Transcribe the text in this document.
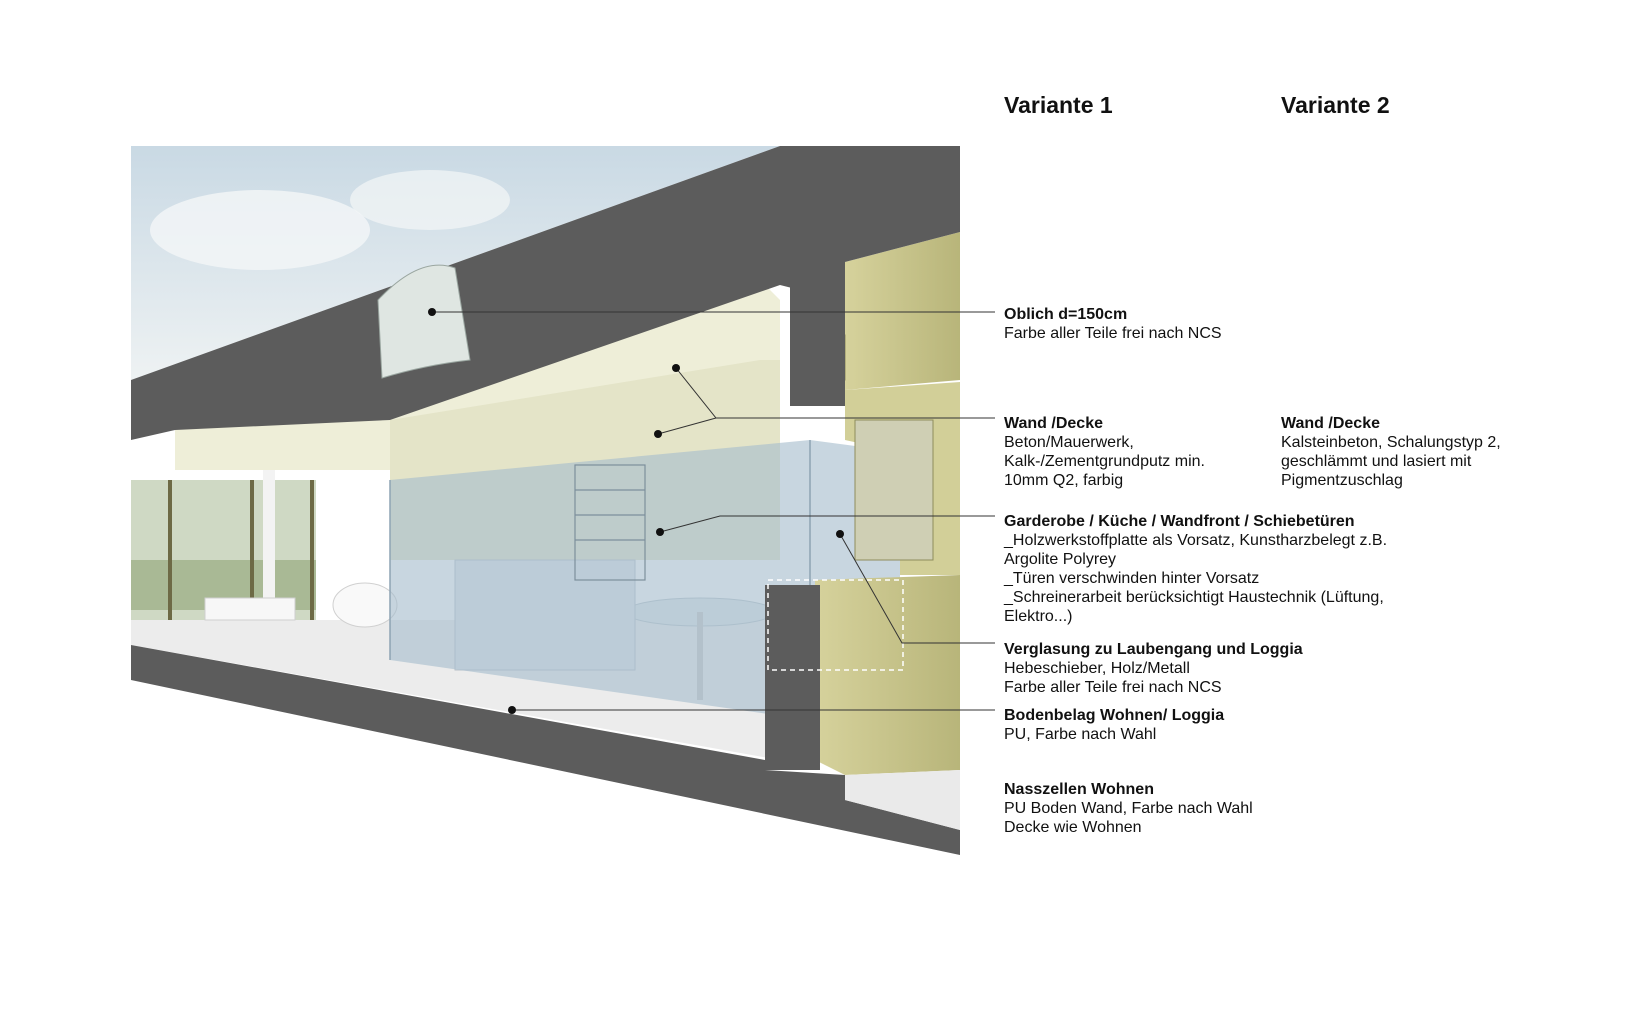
Variante 1	Variante 2
Oblich d=150cm
Farbe aller Teile frei nach NCS
Wand /Decke
Beton/Mauerwerk,
Kalk-/Zementgrundputz min.
10mm Q2, farbig
Wand /Decke
Kalsteinbeton, Schalungstyp 2,
geschlämmt und lasiert mit
Pigmentzuschlag
Garderobe / Küche / Wandfront / Schiebetüren
_Holzwerkstoffplatte als Vorsatz, Kunstharzbelegt z.B.
Argolite Polyrey
_Türen verschwinden hinter Vorsatz
_Schreinerarbeit berücksichtigt Haustechnik (Lüftung,
Elektro...)
Verglasung zu Laubengang und Loggia
Hebeschieber, Holz/Metall
Farbe aller Teile frei nach NCS
Bodenbelag Wohnen/ Loggia
PU, Farbe nach Wahl
Nasszellen Wohnen
PU Boden Wand, Farbe nach Wahl
Decke wie Wohnen
